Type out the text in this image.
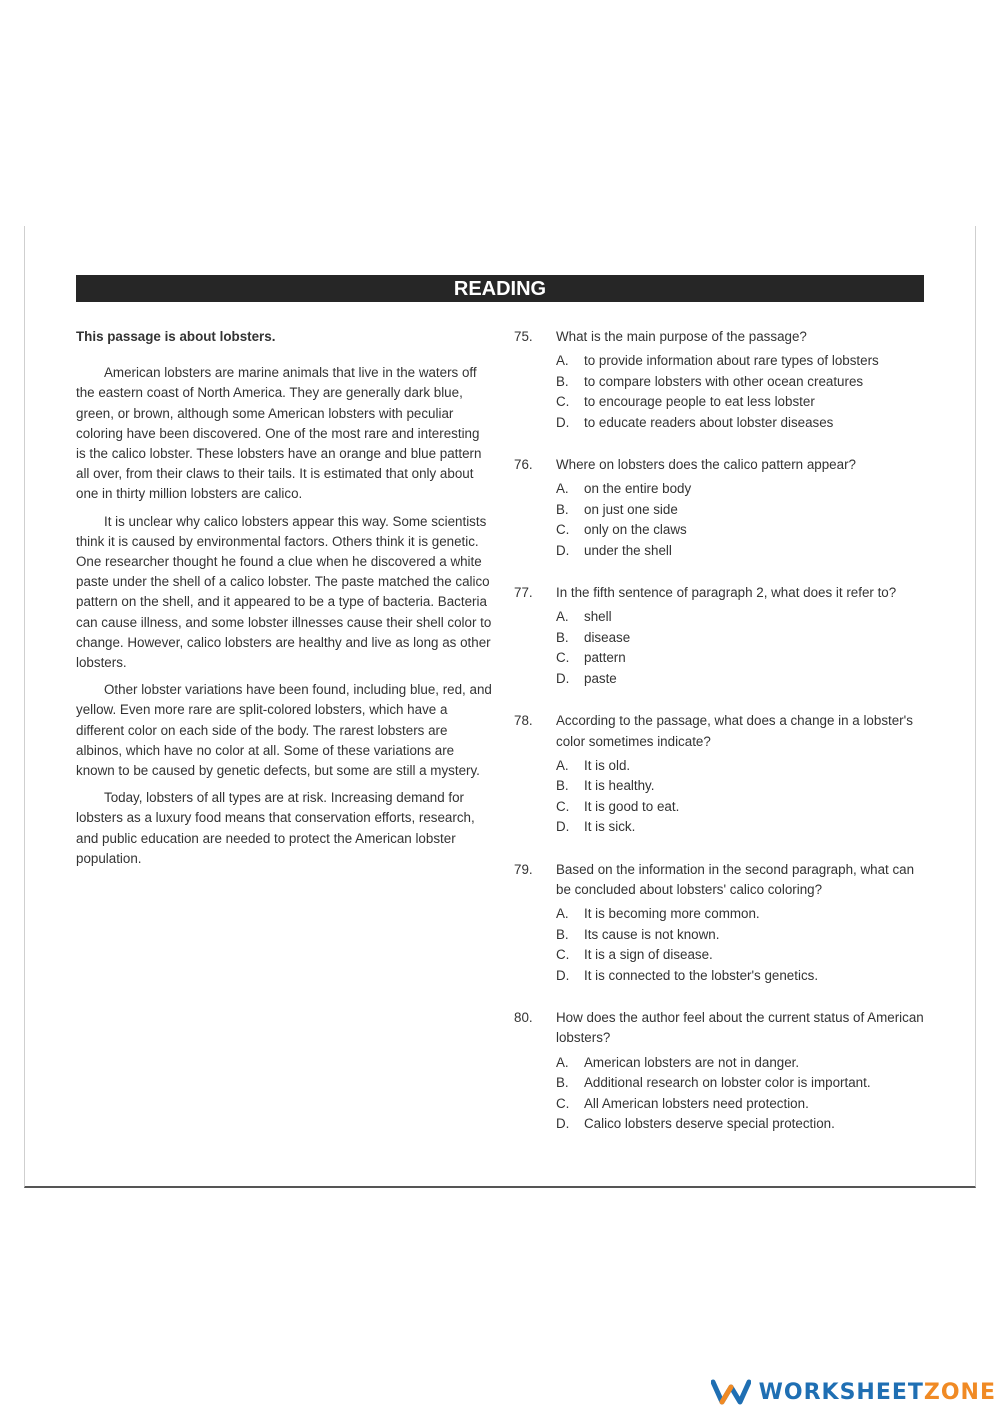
READING
This passage is about lobsters.

American lobsters are marine animals that live in the waters off the eastern coast of North America. They are generally dark blue, green, or brown, although some American lobsters with peculiar coloring have been discovered. One of the most rare and interesting is the calico lobster. These lobsters have an orange and blue pattern all over, from their claws to their tails. It is estimated that only about one in thirty million lobsters are calico.

It is unclear why calico lobsters appear this way. Some scientists think it is caused by environmental factors. Others think it is genetic. One researcher thought he found a clue when he discovered a white paste under the shell of a calico lobster. The paste matched the calico pattern on the shell, and it appeared to be a type of bacteria. Bacteria can cause illness, and some lobster illnesses cause their shell color to change. However, calico lobsters are healthy and live as long as other lobsters.

Other lobster variations have been found, including blue, red, and yellow. Even more rare are split-colored lobsters, which have a different color on each side of the body. The rarest lobsters are albinos, which have no color at all. Some of these variations are known to be caused by genetic defects, but some are still a mystery.

Today, lobsters of all types are at risk. Increasing demand for lobsters as a luxury food means that conservation efforts, research, and public education are needed to protect the American lobster population.

75.	What is the main purpose of the passage?
A.	to provide information about rare types of lobsters
B.	to compare lobsters with other ocean creatures
C.	to encourage people to eat less lobster
D.	to educate readers about lobster diseases
76.	Where on lobsters does the calico pattern appear?
A.	on the entire body
B.	on just one side
C.	only on the claws
D.	under the shell
77.	In the fifth sentence of paragraph 2, what does it refer to?
A.	shell
B.	disease
C.	pattern
D.	paste
78.	According to the passage, what does a change in a lobster's color sometimes indicate?
A.	It is old.
B.	It is healthy.
C.	It is good to eat.
D.	It is sick.
79.	Based on the information in the second paragraph, what can be concluded about lobsters' calico coloring?
A.	It is becoming more common.
B.	Its cause is not known.
C.	It is a sign of disease.
D.	It is connected to the lobster's genetics.
80.	How does the author feel about the current status of American lobsters?
A.	American lobsters are not in danger.
B.	Additional research on lobster color is important.
C.	All American lobsters need protection.
D.	Calico lobsters deserve special protection.
WORKSHEETZONE
